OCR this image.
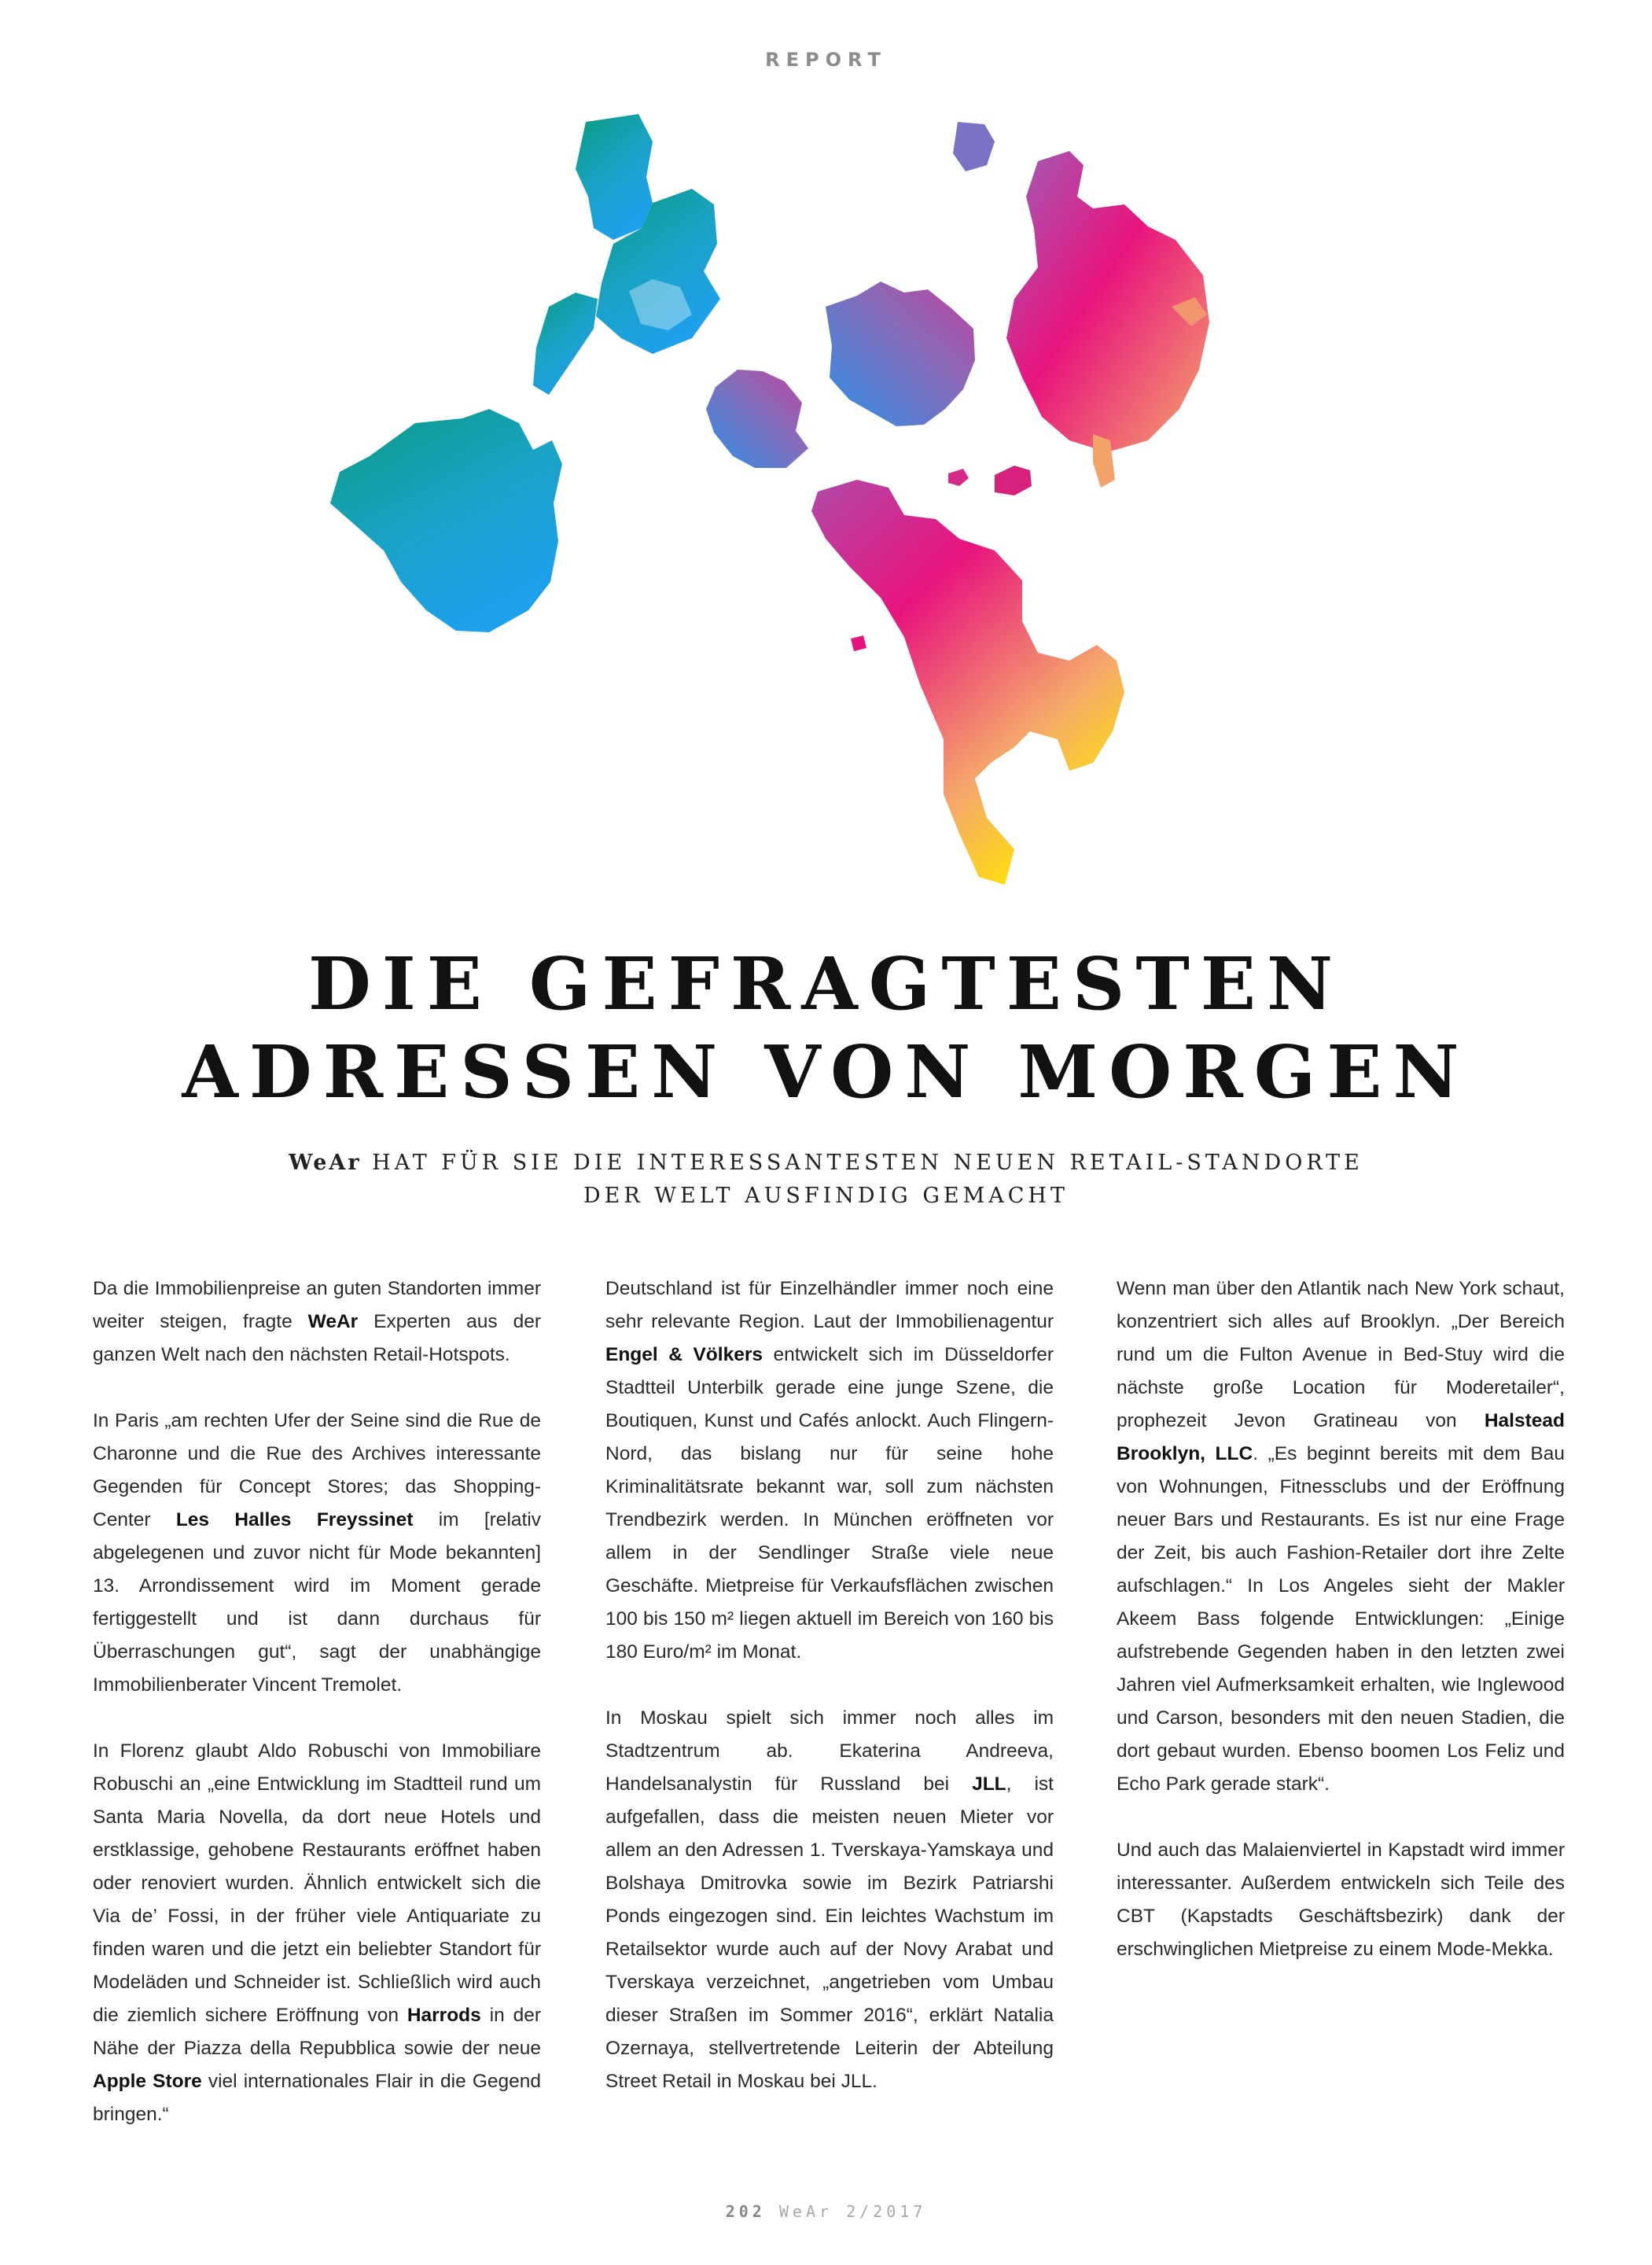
REPORT
DIE GEFRAGTESTEN
ADRESSEN VON MORGEN
WeAr HAT FÜR SIE DIE INTERESSANTESTEN NEUEN RETAIL-STANDORTE
DER WELT AUSFINDIG GEMACHT

Da die Immobilienpreise an guten Standorten immer weiter steigen, fragte WeAr Experten aus der ganzen Welt nach den nächsten Retail-Hotspots.

In Paris „am rechten Ufer der Seine sind die Rue de Charonne und die Rue des Archives interessante Gegenden für Concept Stores; das Shopping-Center Les Halles Freyssinet im [relativ abgelegenen und zuvor nicht für Mode bekannten] 13. Arrondissement wird im Moment gerade fertiggestellt und ist dann durchaus für Überraschungen gut“, sagt der unabhängige Immobilienberater Vincent Tremolet.

In Florenz glaubt Aldo Robuschi von Immobiliare Robuschi an „eine Entwicklung im Stadtteil rund um Santa Maria Novella, da dort neue Hotels und erstklassige, gehobene Restaurants eröffnet haben oder renoviert wurden. Ähnlich entwickelt sich die Via de’ Fossi, in der früher viele Antiquariate zu finden waren und die jetzt ein beliebter Standort für Modeläden und Schneider ist. Schließlich wird auch die ziemlich sichere Eröffnung von Harrods in der Nähe der Piazza della Repubblica sowie der neue Apple Store viel internationales Flair in die Gegend bringen.“

Deutschland ist für Einzelhändler immer noch eine sehr relevante Region. Laut der Immobilienagentur Engel & Völkers entwickelt sich im Düsseldorfer Stadtteil Unterbilk gerade eine junge Szene, die Boutiquen, Kunst und Cafés anlockt. Auch Flingern-Nord, das bislang nur für seine hohe Kriminalitätsrate bekannt war, soll zum nächsten Trendbezirk werden. In München eröffneten vor allem in der Sendlinger Straße viele neue Geschäfte. Mietpreise für Verkaufsflächen zwischen 100 bis 150 m² liegen aktuell im Bereich von 160 bis 180 Euro/m² im Monat.

In Moskau spielt sich immer noch alles im Stadtzentrum ab. Ekaterina Andreeva, Handelsanalystin für Russland bei JLL, ist aufgefallen, dass die meisten neuen Mieter vor allem an den Adressen 1. Tverskaya-Yamskaya und Bolshaya Dmitrovka sowie im Bezirk Patriarshi Ponds eingezogen sind. Ein leichtes Wachstum im Retailsektor wurde auch auf der Novy Arabat und Tverskaya verzeichnet, „angetrieben vom Umbau dieser Straßen im Sommer 2016“, erklärt Natalia Ozernaya, stellvertretende Leiterin der Abteilung Street Retail in Moskau bei JLL.

Wenn man über den Atlantik nach New York schaut, konzentriert sich alles auf Brooklyn. „Der Bereich rund um die Fulton Avenue in Bed-Stuy wird die nächste große Location für Moderetailer“, prophezeit Jevon Gratineau von Halstead Brooklyn, LLC. „Es beginnt bereits mit dem Bau von Wohnungen, Fitnessclubs und der Eröffnung neuer Bars und Restaurants. Es ist nur eine Frage der Zeit, bis auch Fashion-Retailer dort ihre Zelte aufschlagen.“ In Los Angeles sieht der Makler Akeem Bass folgende Entwicklungen: „Einige aufstrebende Gegenden haben in den letzten zwei Jahren viel Aufmerksamkeit erhalten, wie Inglewood und Carson, besonders mit den neuen Stadien, die dort gebaut wurden. Ebenso boomen Los Feliz und Echo Park gerade stark“.

Und auch das Malaienviertel in Kapstadt wird immer interessanter. Außerdem entwickeln sich Teile des CBT (Kapstadts Geschäftsbezirk) dank der erschwinglichen Mietpreise zu einem Mode-Mekka.

202 WeAr 2/2017
